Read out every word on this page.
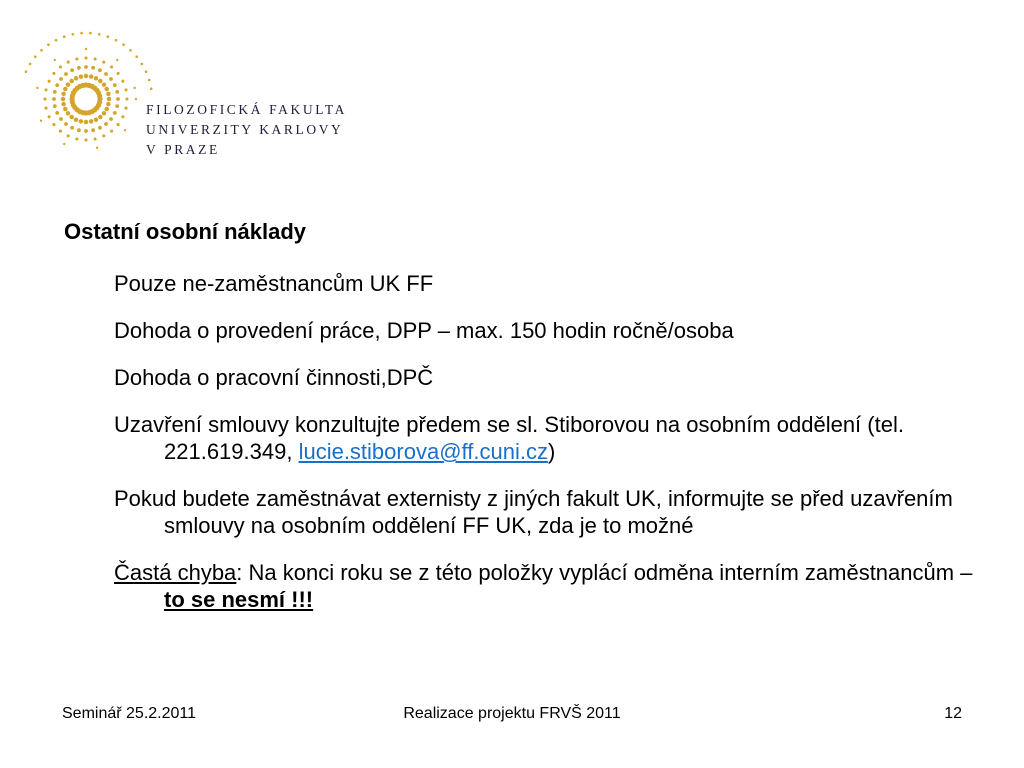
FILOZOFICKÁ FAKULTA
UNIVERZITY KARLOVY
V PRAZE
Ostatní osobní náklady

Pouze ne-zaměstnancům UK FF

Dohoda o provedení práce, DPP – max. 150 hodin ročně/osoba

Dohoda o pracovní činnosti,DPČ

Uzavření smlouvy konzultujte předem se sl. Stiborovou na osobním oddělení (tel. 221.619.349, lucie.stiborova@ff.cuni.cz)

Pokud budete zaměstnávat externisty z jiných fakult UK, informujte se před uzavřením smlouvy na osobním oddělení FF UK, zda je to možné

Častá chyba: Na konci roku se z této položky vyplácí odměna interním zaměstnancům – to se nesmí !!!

Seminář 25.2.2011	Realizace projektu FRVŠ 2011	12
